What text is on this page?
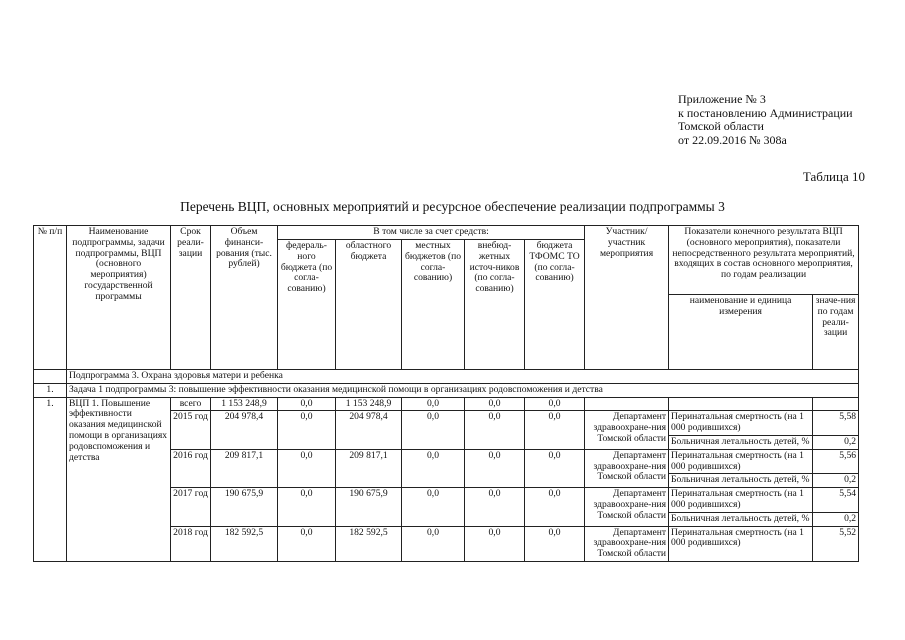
Приложение № 3
к постановлению Администрации
Томской области
от 22.09.2016 № 308а
Таблица 10
Перечень ВЦП, основных мероприятий и ресурсное обеспечение реализации подпрограммы 3
№ п/п	Наименование подпрограммы, задачи подпрограммы, ВЦП (основного мероприятия) государственной программы	Срок реали-зации	Объем финанси-рования (тыс. рублей)	В том числе за счет средств:					Участник/ участник мероприятия	Показатели конечного результата ВЦП (основного мероприятия), показатели непосредственного результата мероприятий, входящих в состав основного мероприятия, по годам реализации	
				федераль-ного бюджета (по согла-сованию)	областного бюджета	местных бюджетов (по согла-сованию)	внебюд-жетных источ-ников (по согла-сованию)	бюджета ТФОМС ТО (по согла-сованию)			
										наименование и единица измерения	значе-ния по годам реали-зации
	Подпрограмма 3. Охрана здоровья матери и ребенка										
1.	Задача 1 подпрограммы 3: повышение эффективности оказания медицинской помощи в организациях родовспоможения и детства										
1.	ВЦП 1. Повышение эффективности оказания медицинской помощи в организациях родовспоможения и детства	всего	1 153 248,9	0,0	1 153 248,9	0,0	0,0	0,0			
		2015 год	204 978,4	0,0	204 978,4	0,0	0,0	0,0	Департамент здравоохране-ния Томской области	Перинатальная смертность (на 1 000 родившихся)	5,58
										Больничная летальность детей, %	0,2
		2016 год	209 817,1	0,0	209 817,1	0,0	0,0	0,0	Департамент здравоохране-ния Томской области	Перинатальная смертность (на 1 000 родившихся)	5,56
										Больничная летальность детей, %	0,2
		2017 год	190 675,9	0,0	190 675,9	0,0	0,0	0,0	Департамент здравоохране-ния Томской области	Перинатальная смертность (на 1 000 родившихся)	5,54
										Больничная летальность детей, %	0,2
		2018 год	182 592,5	0,0	182 592,5	0,0	0,0	0,0	Департамент здравоохране-ния Томской области	Перинатальная смертность (на 1 000 родившихся)	5,52
